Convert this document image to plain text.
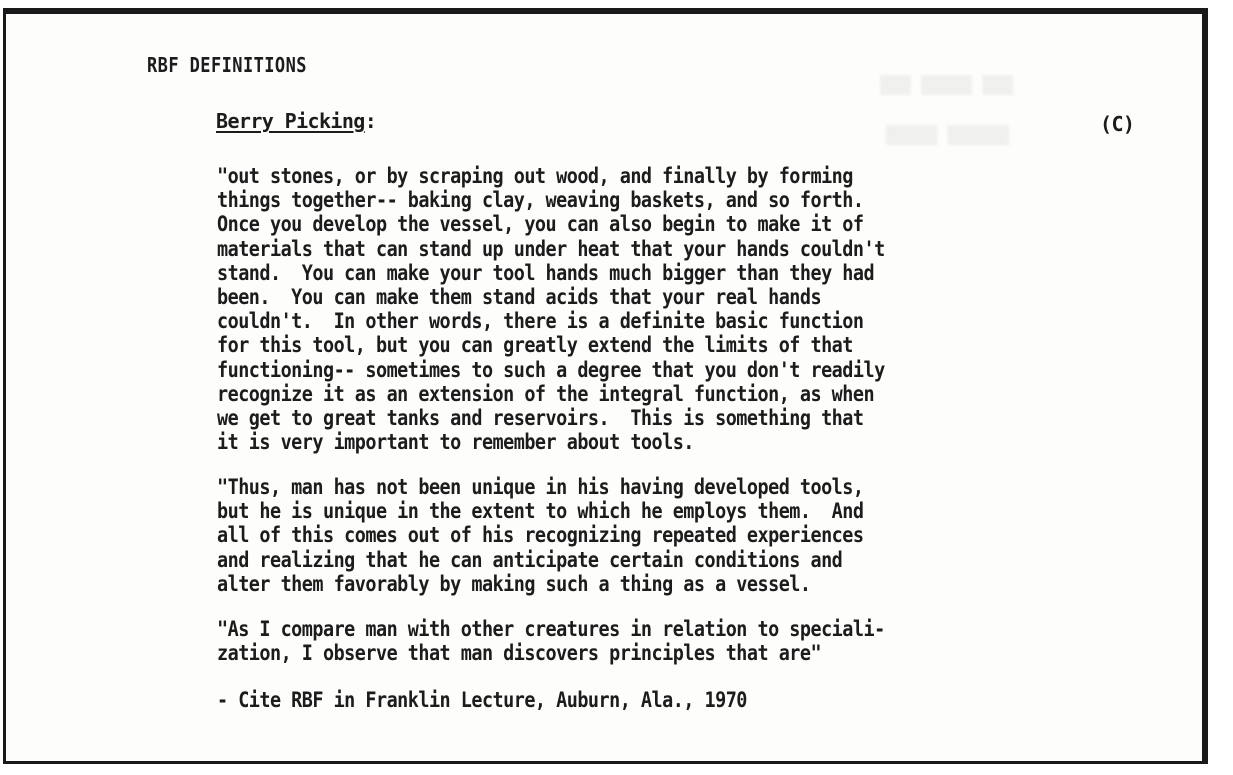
▒▒▒ ▒▒▒▒▒ ▒▒▒
▒▒▒▒▒ ▒▒▒▒▒▒
RBF DEFINITIONS
Berry Picking:	(C)
"out stones, or by scraping out wood, and finally by forming
things together-- baking clay, weaving baskets, and so forth.
Once you develop the vessel, you can also begin to make it of
materials that can stand up under heat that your hands couldn't
stand.  You can make your tool hands much bigger than they had
been.  You can make them stand acids that your real hands
couldn't.  In other words, there is a definite basic function
for this tool, but you can greatly extend the limits of that
functioning-- sometimes to such a degree that you don't readily
recognize it as an extension of the integral function, as when
we get to great tanks and reservoirs.  This is something that
it is very important to remember about tools.
"Thus, man has not been unique in his having developed tools,
but he is unique in the extent to which he employs them.  And
all of this comes out of his recognizing repeated experiences
and realizing that he can anticipate certain conditions and
alter them favorably by making such a thing as a vessel.
"As I compare man with other creatures in relation to speciali-
zation, I observe that man discovers principles that are"
- Cite RBF in Franklin Lecture, Auburn, Ala., 1970
